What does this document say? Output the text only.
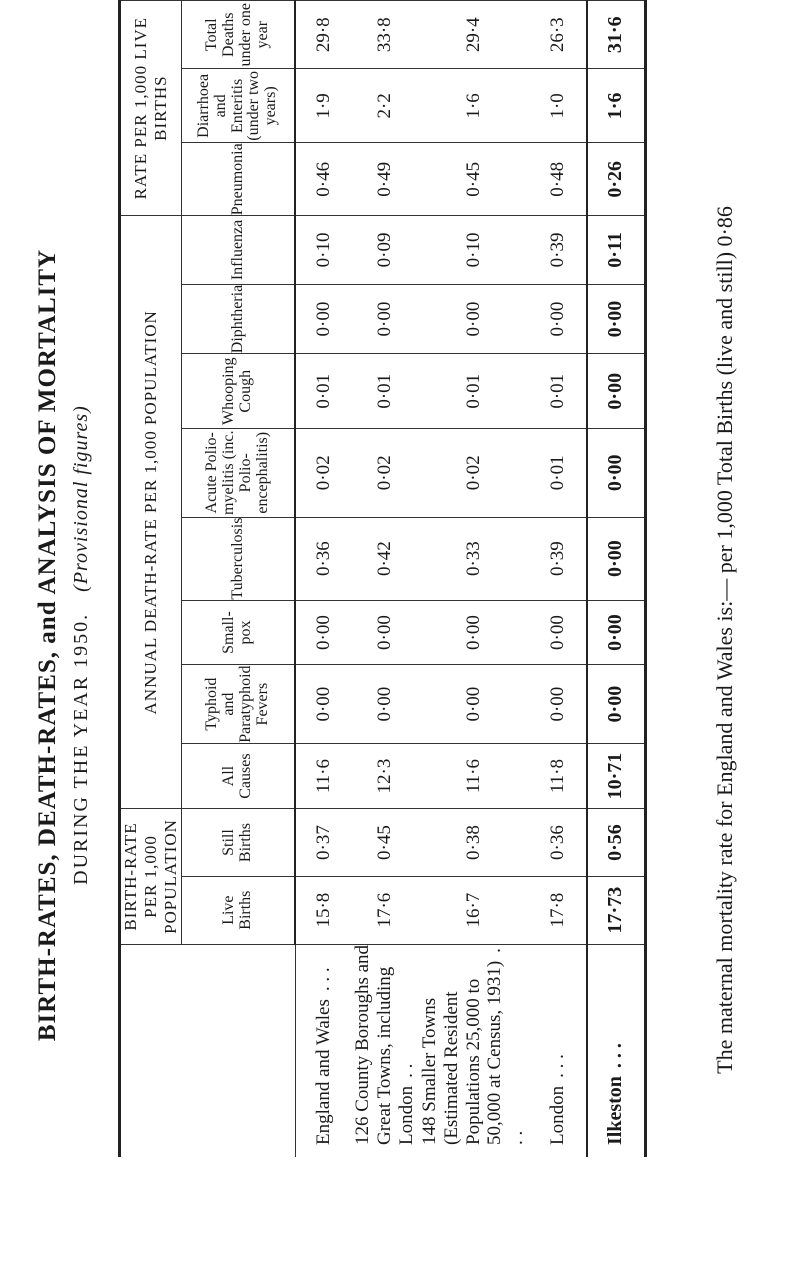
BIRTH-RATES, DEATH-RATES, and ANALYSIS OF MORTALITY DURING THE YEAR 1950. (Provisional figures)
	BIRTH-RATE PER 1,000 POPULATION		ANNUAL DEATH-RATE PER 1,000 POPULATION								RATE PER 1,000 LIVE BIRTHS		
	Live Births	Still Births	All Causes	Typhoid and Paratyphoid Fevers	Small-pox	Tuberculosis	Acute Polio-myelitis (inc. Polio-encephalitis)	Whooping Cough	Diphtheria	Influenza	Pneumonia	Diarrhoea and Enteritis (under two years)	Total Deaths under one year
England and Wales. . .	15·8	0·37	11·6	0·00	0·00	0·36	0·02	0·01	0·00	0·10	0·46	1·9	29·8
126 County Boroughs and Great Towns, including London. .	17·6	0·45	12·3	0·00	0·00	0·42	0·02	0·01	0·00	0·09	0·49	2·2	33·8
148 Smaller Towns (Estimated Resident Populations 25,000 to 50,000 at Census, 1931). . .	16·7	0·38	11·6	0·00	0·00	0·33	0·02	0·01	0·00	0·10	0·45	1·6	29·4
London. . .	17·8	0·36	11·8	0·00	0·00	0·39	0·01	0·01	0·00	0·39	0·48	1·0	26·3
Ilkeston. . .	17·73	0·56	10·71	0·00	0·00	0·00	0·00	0·00	0·00	0·11	0·26	1·6	31·6
The maternal mortality rate for England and Wales is:— per 1,000 Total Births (live and still) 0·86
